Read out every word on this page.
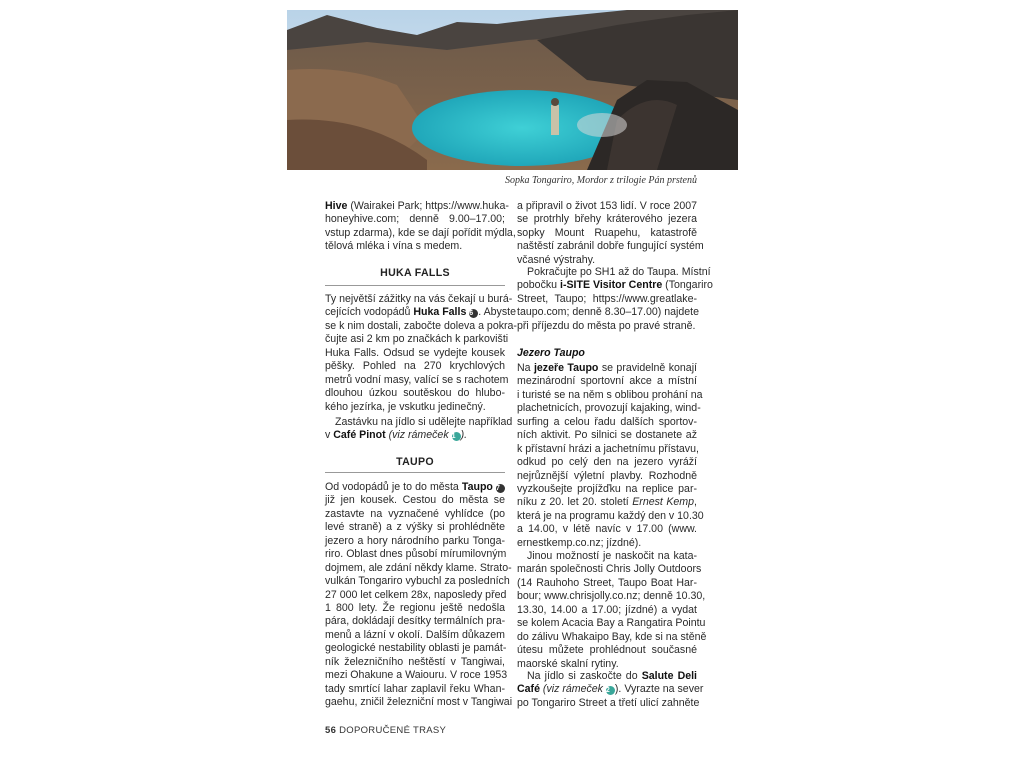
Sopka Tongariro, Mordor z trilogie Pán prstenů
Hive (Wairakei Park; https://www.huka-
honeyhive.com; denně 9.00–17.00;
vstup zdarma), kde se dají pořídit mýdla,
tělová mléka i vína s medem.
HUKA FALLS
Ty největší zážitky na vás čekají u burá-
cejících vodopádů Huka Falls 6 . Abyste
se k nim dostali, zabočte doleva a pokra-
čujte asi 2 km po značkách k parkovišti
Huka Falls. Odsud se vydejte kousek
pěšky. Pohled na 270 krychlových
metrů vodní masy, valící se s rachotem
dlouhou úzkou soutěskou do hlubo-
kého jezírka, je vskutku jedinečný.
Zastávku na jídlo si udělejte například
v Café Pinot (viz rámeček 1 ).
TAUPO
Od vodopádů je to do města Taupo 7
již jen kousek. Cestou do města se
zastavte na vyznačené vyhlídce (po
levé straně) a z výšky si prohlédněte
jezero a hory národního parku Tonga-
riro. Oblast dnes působí mírumilovným
dojmem, ale zdání někdy klame. Strato-
vulkán Tongariro vybuchl za posledních
27 000 let celkem 28x, naposledy před
1 800 lety. Že regionu ještě nedošla
pára, dokládají desítky termálních pra-
menů a lázní v okolí. Dalším důkazem
geologické nestability oblasti je památ-
ník železničního neštěstí v Tangiwai,
mezi Ohakune a Waiouru. V roce 1953
tady smrtící lahar zaplavil řeku Whan-
gaehu, zničil železniční most v Tangiwai
a připravil o život 153 lidí. V roce 2007
se protrhly břehy kráterového jezera
sopky Mount Ruapehu, katastrofě
naštěstí zabránil dobře fungující systém
včasné výstrahy.
Pokračujte po SH1 až do Taupa. Místní
pobočku i-SITE Visitor Centre (Tongariro
Street, Taupo; https://www.greatlake-
taupo.com; denně 8.30–17.00) najdete
při příjezdu do města po pravé straně.
Jezero Taupo
Na jezeře Taupo se pravidelně konají
mezinárodní sportovní akce a místní
i turisté se na něm s oblibou prohání na
plachetnicích, provozují kajaking, wind-
surfing a celou řadu dalších sportov-
ních aktivit. Po silnici se dostanete až
k přístavní hrázi a jachetnímu přístavu,
odkud po celý den na jezero vyráží
nejrůznější výletní plavby. Rozhodně
vyzkoušejte projížďku na replice par-
níku z 20. let 20. století Ernest Kemp,
která je na programu každý den v 10.30
a 14.00, v létě navíc v 17.00 (www.
ernestkemp.co.nz; jízdné).
Jinou možností je naskočit na kata-
marán společnosti Chris Jolly Outdoors
(14 Rauhoho Street, Taupo Boat Har-
bour; www.chrisjolly.co.nz; denně 10.30,
13.30, 14.00 a 17.00; jízdné) a vydat
se kolem Acacia Bay a Rangatira Pointu
do zálivu Whakaipo Bay, kde si na stěně
útesu můžete prohlédnout současné
maorské skalní rytiny.
Na jídlo si zaskočte do Salute Deli
Café (viz rámeček 2 ). Vyrazte na sever
po Tongariro Street a třetí ulicí zahněte
56 DOPORUČENÉ TRASY
